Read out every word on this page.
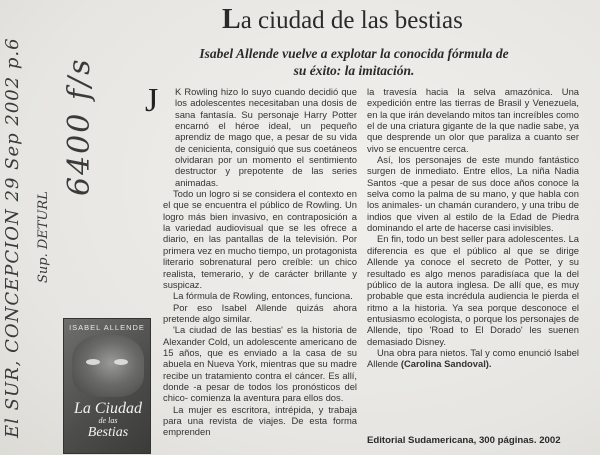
El SUR, CONCEPCION 29 Sep 2002 p.6 Sup. DETURL
6400 f/s
La ciudad de las bestias
Isabel Allende vuelve a explotar la conocida fórmula de su éxito: la imitación.
J	K Rowling hizo lo suyo cuando decidió que los adolescentes necesitaban una dosis de sana fantasía. Su personaje Harry Potter encarnó el héroe ideal, un pequeño aprendiz de mago que, a pesar de su vida de cenicienta, consiguió que sus coetáneos olvidaran por un momento el sentimiento destructor y prepotente de las series animadas.

Todo un logro si se considera el contexto en el que se encuentra el público de Rowling. Un logro más bien invasivo, en contraposición a la variedad audiovisual que se les ofrece a diario, en las pantallas de la televisión. Por primera vez en mucho tiempo, un protagonista literario sobrenatural pero creíble: un chico realista, temerario, y de carácter brillante y suspicaz.

La fórmula de Rowling, entonces, funciona.

Por eso Isabel Allende quizás ahora pretende algo similar.

'La ciudad de las bestias' es la historia de Alexander Cold, un adolescente americano de 15 años, que es enviado a la casa de su abuela en Nueva York, mientras que su madre recibe un tratamiento contra el cáncer. Es allí, donde -a pesar de todos los pronósticos del chico- comienza la aventura para ellos dos.

La mujer es escritora, intrépida, y trabaja para una revista de viajes. De esta forma emprenden

la travesía hacia la selva amazónica. Una expedición entre las tierras de Brasil y Venezuela, en la que irán develando mitos tan increíbles como el de una criatura gigante de la que nadie sabe, ya que desprende un olor que paraliza a cuanto ser vivo se encuentre cerca.

Así, los personajes de este mundo fantástico surgen de inmediato. Entre ellos, La niña Nadia Santos -que a pesar de sus doce años conoce la selva como la palma de su mano, y que habla con los animales- un chamán curandero, y una tribu de indios que viven al estilo de la Edad de Piedra dominando el arte de hacerse casi invisibles.

En fin, todo un best seller para adolescentes. La diferencia es que el público al que se dirige Allende ya conoce el secreto de Potter, y su resultado es algo menos paradisíaca que la del público de la autora inglesa. De allí que, es muy probable que esta incrédula audiencia le pierda el ritmo a la historia. Ya sea porque desconoce el entusiasmo ecologista, o porque los personajes de Allende, tipo 'Road to El Dorado' les suenen demasiado Disney.

Una obra para nietos. Tal y como enunció Isabel Allende (Carolina Sandoval).

ISABEL ALLENDE
La Ciudad
de las
Bestias
Editorial Sudamericana, 300 páginas. 2002
